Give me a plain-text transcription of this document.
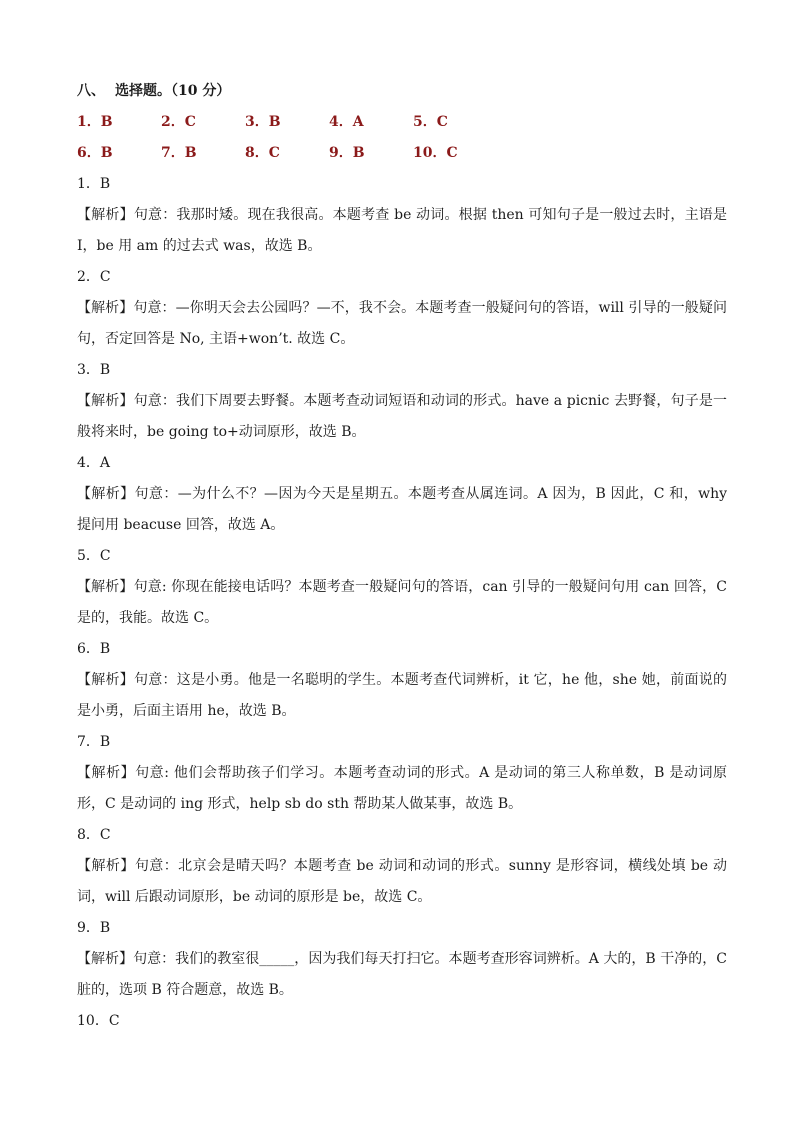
八、 选择题。（10 分）
1．B	2．C	3．B	4．A	5．C
6．B	7．B	8．C	9．B	10．C
1．B
【解析】句意：我那时矮。现在我很高。本题考查 be 动词。根据 then 可知句子是一般过去时，主语是 I，be 用 am 的过去式 was，故选 B。
2．C
【解析】句意：—你明天会去公园吗？—不，我不会。本题考查一般疑问句的答语，will 引导的一般疑问句，否定回答是 No, 主语+won’t. 故选 C。
3．B
【解析】句意：我们下周要去野餐。本题考查动词短语和动词的形式。have a picnic 去野餐，句子是一般将来时，be going to+动词原形，故选 B。
4．A
【解析】句意：—为什么不？—因为今天是星期五。本题考查从属连词。A 因为，B 因此，C 和，why 提问用 beacuse 回答，故选 A。
5．C
【解析】句意: 你现在能接电话吗？本题考查一般疑问句的答语，can 引导的一般疑问句用 can 回答，C 是的，我能。故选 C。
6．B
【解析】句意：这是小勇。他是一名聪明的学生。本题考查代词辨析，it 它，he 他，she 她，前面说的是小勇，后面主语用 he，故选 B。
7．B
【解析】句意: 他们会帮助孩子们学习。本题考查动词的形式。A 是动词的第三人称单数，B 是动词原形，C 是动词的 ing 形式，help sb do sth 帮助某人做某事，故选 B。
8．C
【解析】句意：北京会是晴天吗？本题考查 be 动词和动词的形式。sunny 是形容词，横线处填 be 动词，will 后跟动词原形，be 动词的原形是 be，故选 C。
9．B
【解析】句意：我们的教室很_____，因为我们每天打扫它。本题考查形容词辨析。A 大的，B 干净的，C 脏的，选项 B 符合题意，故选 B。
10．C
